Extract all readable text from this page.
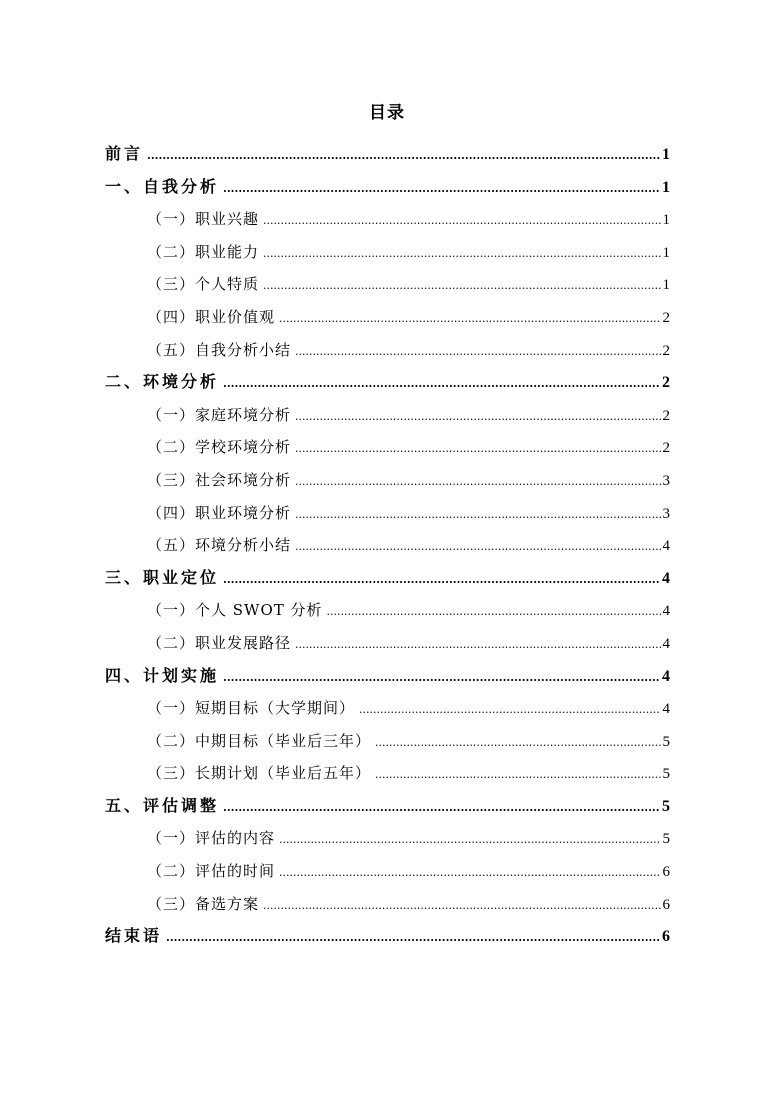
目录
前言 .....	1
一、自我分析 .....	1
（一）职业兴趣 .....	1
（二）职业能力 .....	1
（三）个人特质 .....	1
（四）职业价值观 .....	2
（五）自我分析小结 .....	2
二、环境分析 .....	2
（一）家庭环境分析 .....	2
（二）学校环境分析 .....	2
（三）社会环境分析 .....	3
（四）职业环境分析 .....	3
（五）环境分析小结 .....	4
三、职业定位 .....	4
（一）个人 SWOT 分析 .....	4
（二）职业发展路径 .....	4
四、计划实施 .....	4
（一）短期目标（大学期间） .....	4
（二）中期目标（毕业后三年） .....	5
（三）长期计划（毕业后五年） .....	5
五、评估调整 .....	5
（一）评估的内容 .....	5
（二）评估的时间 .....	6
（三）备选方案 .....	6
结束语 .....	6
